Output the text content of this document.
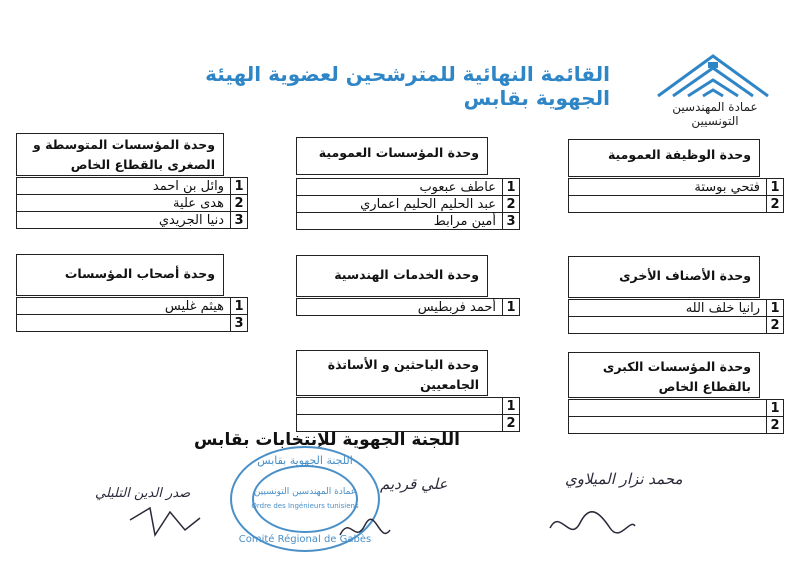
القائمة النهائية للمترشحين لعضوية الهيئة الجهوية بقابس	عمادة المهندسين التونسيين
وحدة الوظيفة العمومية
1	فتحي بوستة
2	
وحدة المؤسسات العمومية
1	عاطف عبعوب
2	عبد الحليم الحليم اعماري
3	أمين مرابط
وحدة المؤسسات المتوسطة و الصغرى بالقطاع الخاص
1	وائل بن احمد
2	هدى علية
3	دنيا الجريدي
وحدة الأصناف الأخرى
1	رانيا خلف الله
2	
وحدة الخدمات الهندسية
1	أحمد فربطيس
وحدة أصحاب المؤسسات
1	هيثم غليس
3	
وحدة المؤسسات الكبرى بالقطاع الخاص
1	
2	
وحدة الباحثين و الأساتذة الجامعيين
1	
2	
اللجنة الجهوية للإنتخابات بقابس
اللجنة الجهوية بقابس
عمادة المهندسين التونسيين
Ordre des Ingénieurs tunisiens
Comité Régional de Gabès
محمد نزار الميلاوي
علي قرديم
صدر الدين التليلي
